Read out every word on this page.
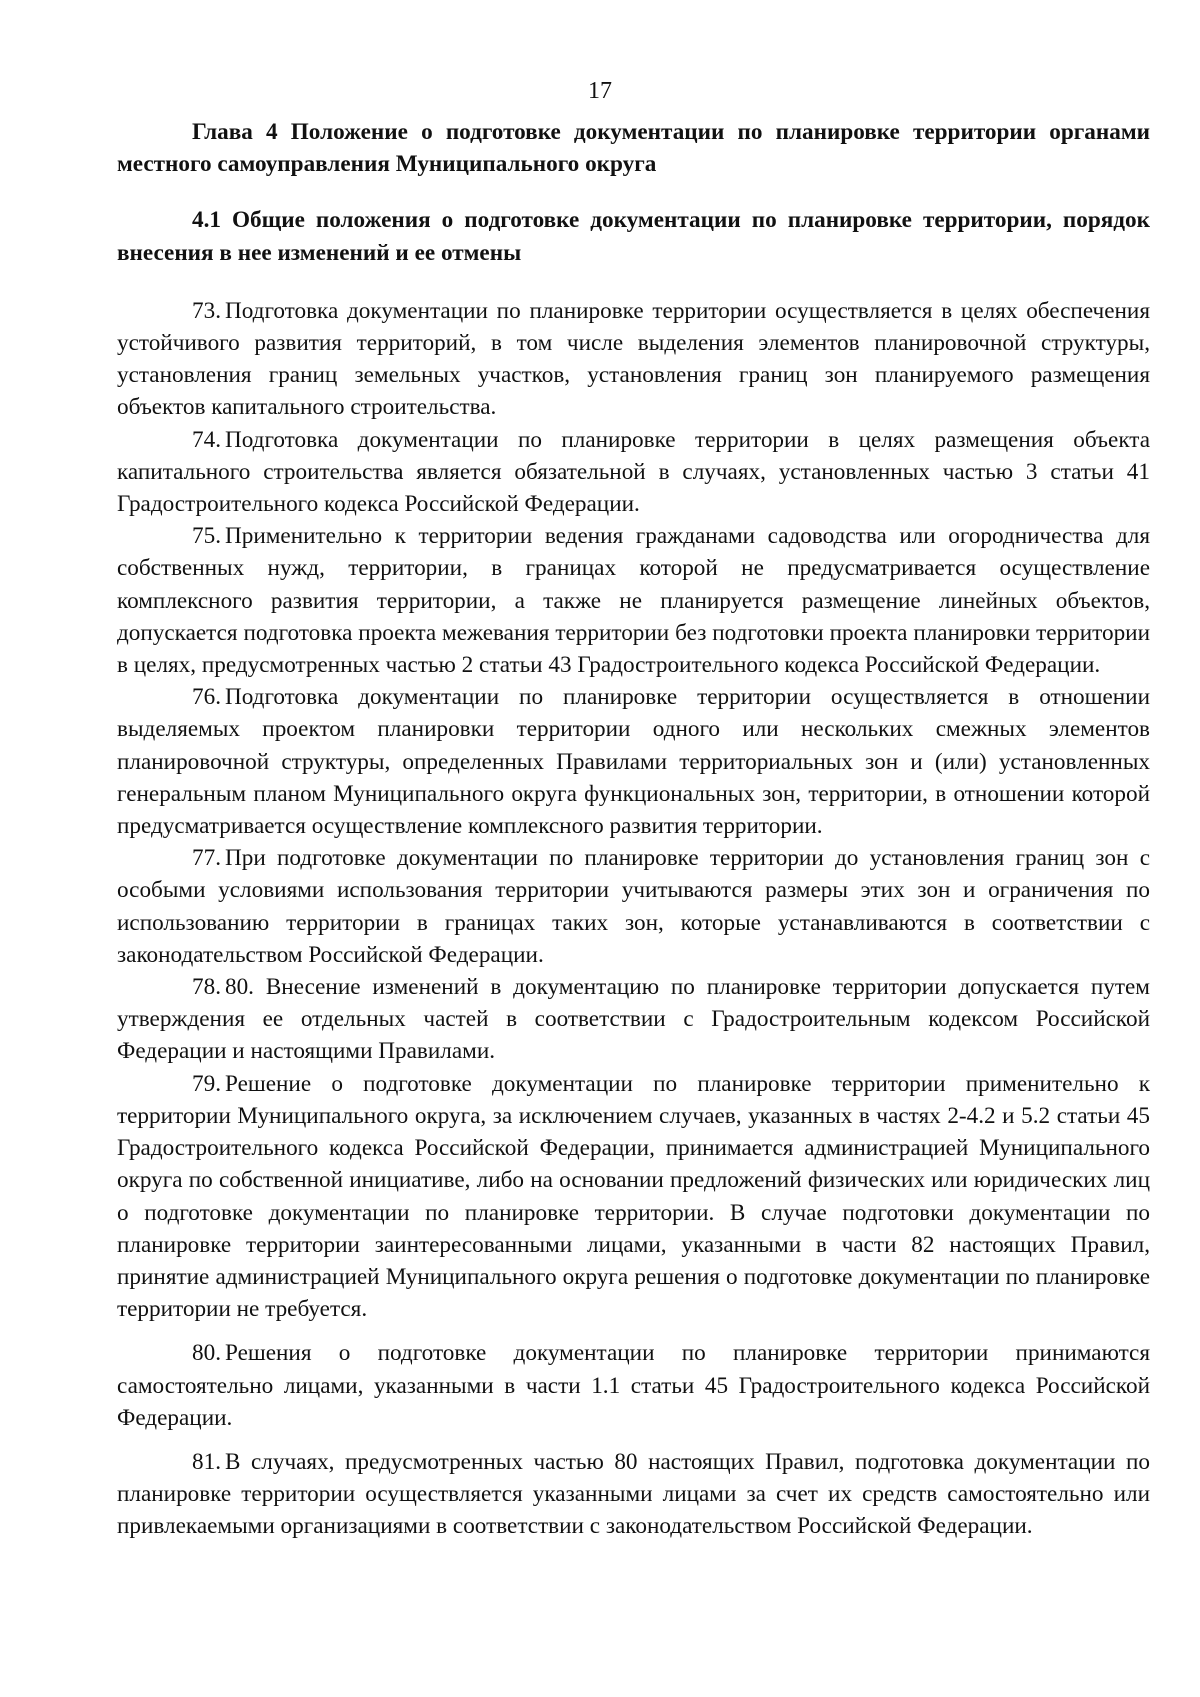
17

Глава 4 Положение о подготовке документации по планировке территории органами местного самоуправления Муниципального округа

4.1 Общие положения о подготовке документации по планировке территории, порядок внесения в нее изменений и ее отмены

73. Подготовка документации по планировке территории осуществляется в целях обеспечения устойчивого развития территорий, в том числе выделения элементов планировочной структуры, установления границ земельных участков, установления границ зон планируемого размещения объектов капитального строительства.

74. Подготовка документации по планировке территории в целях размещения объекта капитального строительства является обязательной в случаях, установленных частью 3 статьи 41 Градостроительного кодекса Российской Федерации.

75. Применительно к территории ведения гражданами садоводства или огородничества для собственных нужд, территории, в границах которой не предусматривается осуществление комплексного развития территории, а также не планируется размещение линейных объектов, допускается подготовка проекта межевания территории без подготовки проекта планировки территории в целях, предусмотренных частью 2 статьи 43 Градостроительного кодекса Российской Федерации.

76. Подготовка документации по планировке территории осуществляется в отношении выделяемых проектом планировки территории одного или нескольких смежных элементов планировочной структуры, определенных Правилами территориальных зон и (или) установленных генеральным планом Муниципального округа функциональных зон, территории, в отношении которой предусматривается осуществление комплексного развития территории.

77. При подготовке документации по планировке территории до установления границ зон с особыми условиями использования территории учитываются размеры этих зон и ограничения по использованию территории в границах таких зон, которые устанавливаются в соответствии с законодательством Российской Федерации.

78. 80. Внесение изменений в документацию по планировке территории допускается путем утверждения ее отдельных частей в соответствии с Градостроительным кодексом Российской Федерации и настоящими Правилами.

79. Решение о подготовке документации по планировке территории применительно к территории Муниципального округа, за исключением случаев, указанных в частях 2-4.2 и 5.2 статьи 45 Градостроительного кодекса Российской Федерации, принимается администрацией Муниципального округа по собственной инициативе, либо на основании предложений физических или юридических лиц о подготовке документации по планировке территории. В случае подготовки документации по планировке территории заинтересованными лицами, указанными в части 82 настоящих Правил, принятие администрацией Муниципального округа решения о подготовке документации по планировке территории не требуется.

80. Решения о подготовке документации по планировке территории принимаются самостоятельно лицами, указанными в части 1.1 статьи 45 Градостроительного кодекса Российской Федерации.

81. В случаях, предусмотренных частью 80 настоящих Правил, подготовка документации по планировке территории осуществляется указанными лицами за счет их средств самостоятельно или привлекаемыми организациями в соответствии с законодательством Российской Федерации.
